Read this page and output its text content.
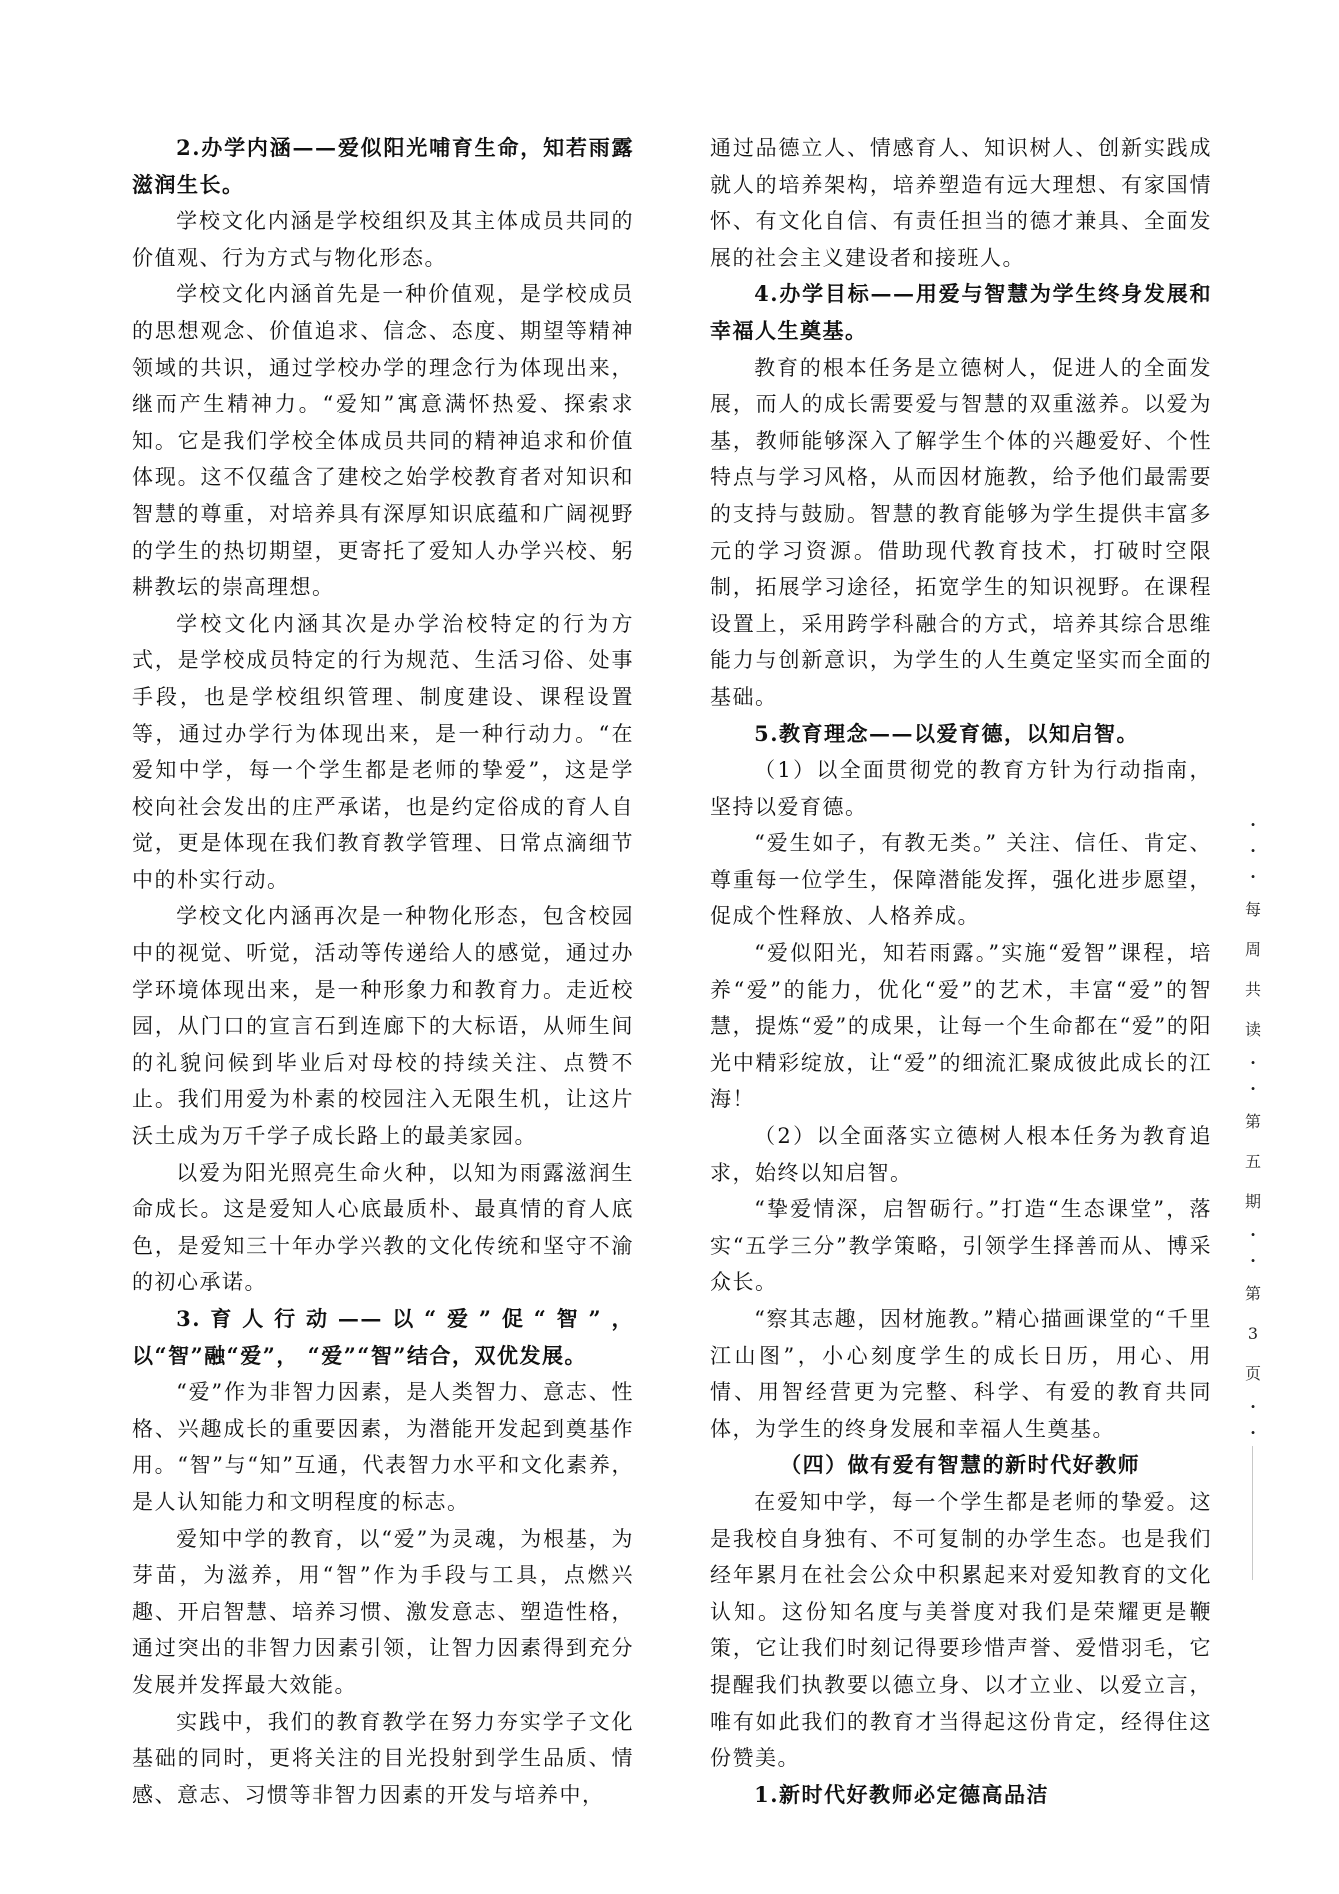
2.办学内涵——爱似阳光哺育生命，知若雨露滋润生长。

学校文化内涵是学校组织及其主体成员共同的价值观、行为方式与物化形态。

学校文化内涵首先是一种价值观，是学校成员的思想观念、价值追求、信念、态度、期望等精神领域的共识，通过学校办学的理念行为体现出来，继而产生精神力。“爱知”寓意满怀热爱、探索求知。它是我们学校全体成员共同的精神追求和价值体现。这不仅蕴含了建校之始学校教育者对知识和智慧的尊重，对培养具有深厚知识底蕴和广阔视野的学生的热切期望，更寄托了爱知人办学兴校、躬耕教坛的崇高理想。

学校文化内涵其次是办学治校特定的行为方式，是学校成员特定的行为规范、生活习俗、处事手段，也是学校组织管理、制度建设、课程设置等，通过办学行为体现出来，是一种行动力。“在爱知中学，每一个学生都是老师的挚爱”，这是学校向社会发出的庄严承诺，也是约定俗成的育人自觉，更是体现在我们教育教学管理、日常点滴细节中的朴实行动。

学校文化内涵再次是一种物化形态，包含校园中的视觉、听觉，活动等传递给人的感觉，通过办学环境体现出来，是一种形象力和教育力。走近校园，从门口的宣言石到连廊下的大标语，从师生间的礼貌问候到毕业后对母校的持续关注、点赞不止。我们用爱为朴素的校园注入无限生机，让这片沃土成为万千学子成长路上的最美家园。

以爱为阳光照亮生命火种，以知为雨露滋润生命成长。这是爱知人心底最质朴、最真情的育人底色，是爱知三十年办学兴教的文化传统和坚守不渝的初心承诺。

3.育人行动——以“爱”促“智”，以“智”融“爱”， “爱”“智”结合，双优发展。

“爱”作为非智力因素，是人类智力、意志、性格、兴趣成长的重要因素，为潜能开发起到奠基作用。“智”与“知”互通，代表智力水平和文化素养，是人认知能力和文明程度的标志。

爱知中学的教育，以“爱”为灵魂，为根基，为芽苗，为滋养，用“智”作为手段与工具，点燃兴趣、开启智慧、培养习惯、激发意志、塑造性格，通过突出的非智力因素引领，让智力因素得到充分发展并发挥最大效能。

实践中，我们的教育教学在努力夯实学子文化基础的同时，更将关注的目光投射到学生品质、情感、意志、习惯等非智力因素的开发与培养中，

通过品德立人、情感育人、知识树人、创新实践成就人的培养架构，培养塑造有远大理想、有家国情怀、有文化自信、有责任担当的德才兼具、全面发展的社会主义建设者和接班人。

4.办学目标——用爱与智慧为学生终身发展和幸福人生奠基。

教育的根本任务是立德树人，促进人的全面发展，而人的成长需要爱与智慧的双重滋养。以爱为基，教师能够深入了解学生个体的兴趣爱好、个性特点与学习风格，从而因材施教，给予他们最需要的支持与鼓励。智慧的教育能够为学生提供丰富多元的学习资源。借助现代教育技术，打破时空限制，拓展学习途径，拓宽学生的知识视野。在课程设置上，采用跨学科融合的方式，培养其综合思维能力与创新意识，为学生的人生奠定坚实而全面的基础。

5.教育理念——以爱育德，以知启智。

（1）以全面贯彻党的教育方针为行动指南，坚持以爱育德。

“爱生如子，有教无类。” 关注、信任、肯定、尊重每一位学生，保障潜能发挥，强化进步愿望，促成个性释放、人格养成。

“爱似阳光，知若雨露。”实施“爱智”课程，培养“爱”的能力，优化“爱”的艺术，丰富“爱”的智慧，提炼“爱”的成果，让每一个生命都在“爱”的阳光中精彩绽放，让“爱”的细流汇聚成彼此成长的江海！

（2）以全面落实立德树人根本任务为教育追求，始终以知启智。

“挚爱情深，启智砺行。”打造“生态课堂”，落实“五学三分”教学策略，引领学生择善而从、博采众长。

“察其志趣，因材施教。”精心描画课堂的“千里江山图”，小心刻度学生的成长日历，用心、用情、用智经营更为完整、科学、有爱的教育共同体，为学生的终身发展和幸福人生奠基。

（四）做有爱有智慧的新时代好教师

在爱知中学，每一个学生都是老师的挚爱。这是我校自身独有、不可复制的办学生态。也是我们经年累月在社会公众中积累起来对爱知教育的文化认知。这份知名度与美誉度对我们是荣耀更是鞭策，它让我们时刻记得要珍惜声誉、爱惜羽毛，它提醒我们执教要以德立身、以才立业、以爱立言，唯有如此我们的教育才当得起这份肯定，经得住这份赞美。

1.新时代好教师必定德高品洁

·
·
·
每
周
共
读
·
·
第
五
期
·
·
第
3
页
·
·
